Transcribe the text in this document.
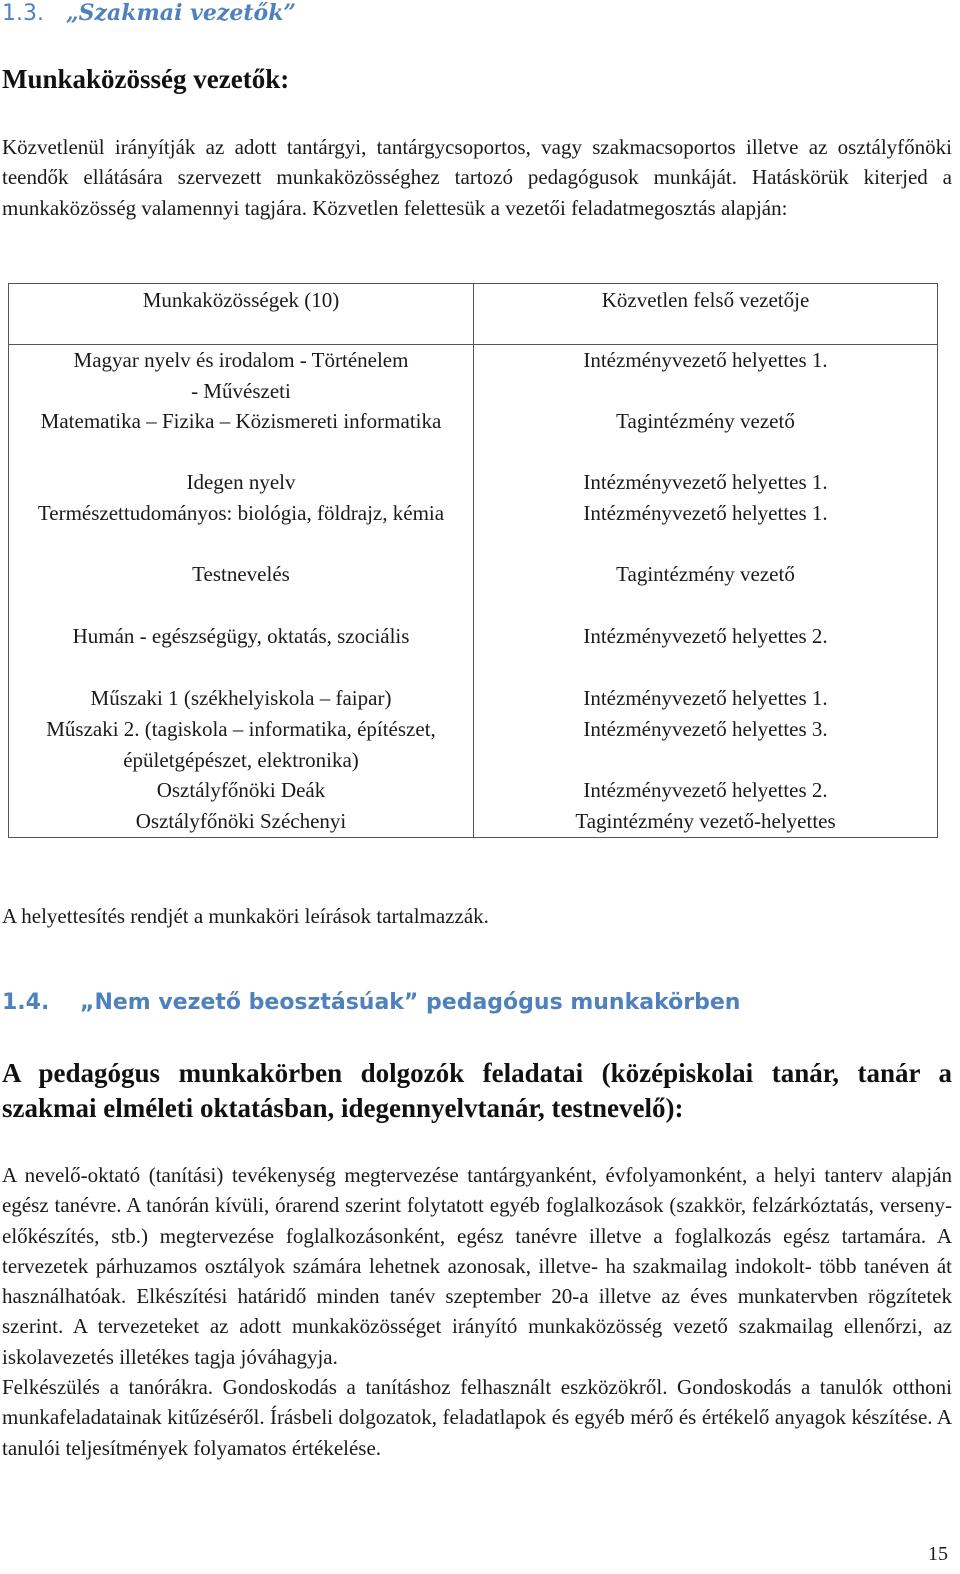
1.3. „Szakmai vezetők”
Munkaközösség vezetők:

Közvetlenül irányítják az adott tantárgyi, tantárgycsoportos, vagy szakmacsoportos illetve az osztályfőnöki teendők ellátására szervezett munkaközösséghez tartozó pedagógusok munkáját. Hatáskörük kiterjed a munkaközösség valamennyi tagjára. Közvetlen felettesük a vezetői feladatmegosztás alapján:

Munkaközösségek (10)	Közvetlen felső vezetője
Magyar nyelv és irodalom - Történelem - Művészeti	Intézményvezető helyettes 1.
Matematika – Fizika – Közismereti informatika	Tagintézmény vezető
Idegen nyelv	Intézményvezető helyettes 1.
Természettudományos: biológia, földrajz, kémia	Intézményvezető helyettes 1.
Testnevelés	Tagintézmény vezető
Humán - egészségügy, oktatás, szociális	Intézményvezető helyettes 2.
Műszaki 1 (székhelyiskola – faipar)	Intézményvezető helyettes 1.
Műszaki 2. (tagiskola – informatika, építészet, épületgépészet, elektronika)	Intézményvezető helyettes 3.
Osztályfőnöki Deák	Intézményvezető helyettes 2.
Osztályfőnöki Széchenyi	Tagintézmény vezető-helyettes
A helyettesítés rendjét a munkaköri leírások tartalmazzák.
1.4. „Nem vezető beosztásúak” pedagógus munkakörben
A pedagógus munkakörben dolgozók feladatai (középiskolai tanár, tanár a szakmai elméleti oktatásban, idegennyelvtanár, testnevelő):

A nevelő-oktató (tanítási) tevékenység megtervezése tantárgyanként, évfolyamonként, a helyi tanterv alapján egész tanévre. A tanórán kívüli, órarend szerint folytatott egyéb foglalkozások (szakkör, felzárkóztatás, verseny- előkészítés, stb.) megtervezése foglalkozásonként, egész tanévre illetve a foglalkozás egész tartamára. A tervezetek párhuzamos osztályok számára lehetnek azonosak, illetve- ha szakmailag indokolt- több tanéven át használhatóak. Elkészítési határidő minden tanév szeptember 20-a illetve az éves munkatervben rögzítetek szerint. A tervezeteket az adott munkaközösséget irányító munkaközösség vezető szakmailag ellenőrzi, az iskolavezetés illetékes tagja jóváhagyja.

Felkészülés a tanórákra. Gondoskodás a tanításhoz felhasznált eszközökről. Gondoskodás a tanulók otthoni munkafeladatainak kitűzéséről. Írásbeli dolgozatok, feladatlapok és egyéb mérő és értékelő anyagok készítése. A tanulói teljesítmények folyamatos értékelése.

15
